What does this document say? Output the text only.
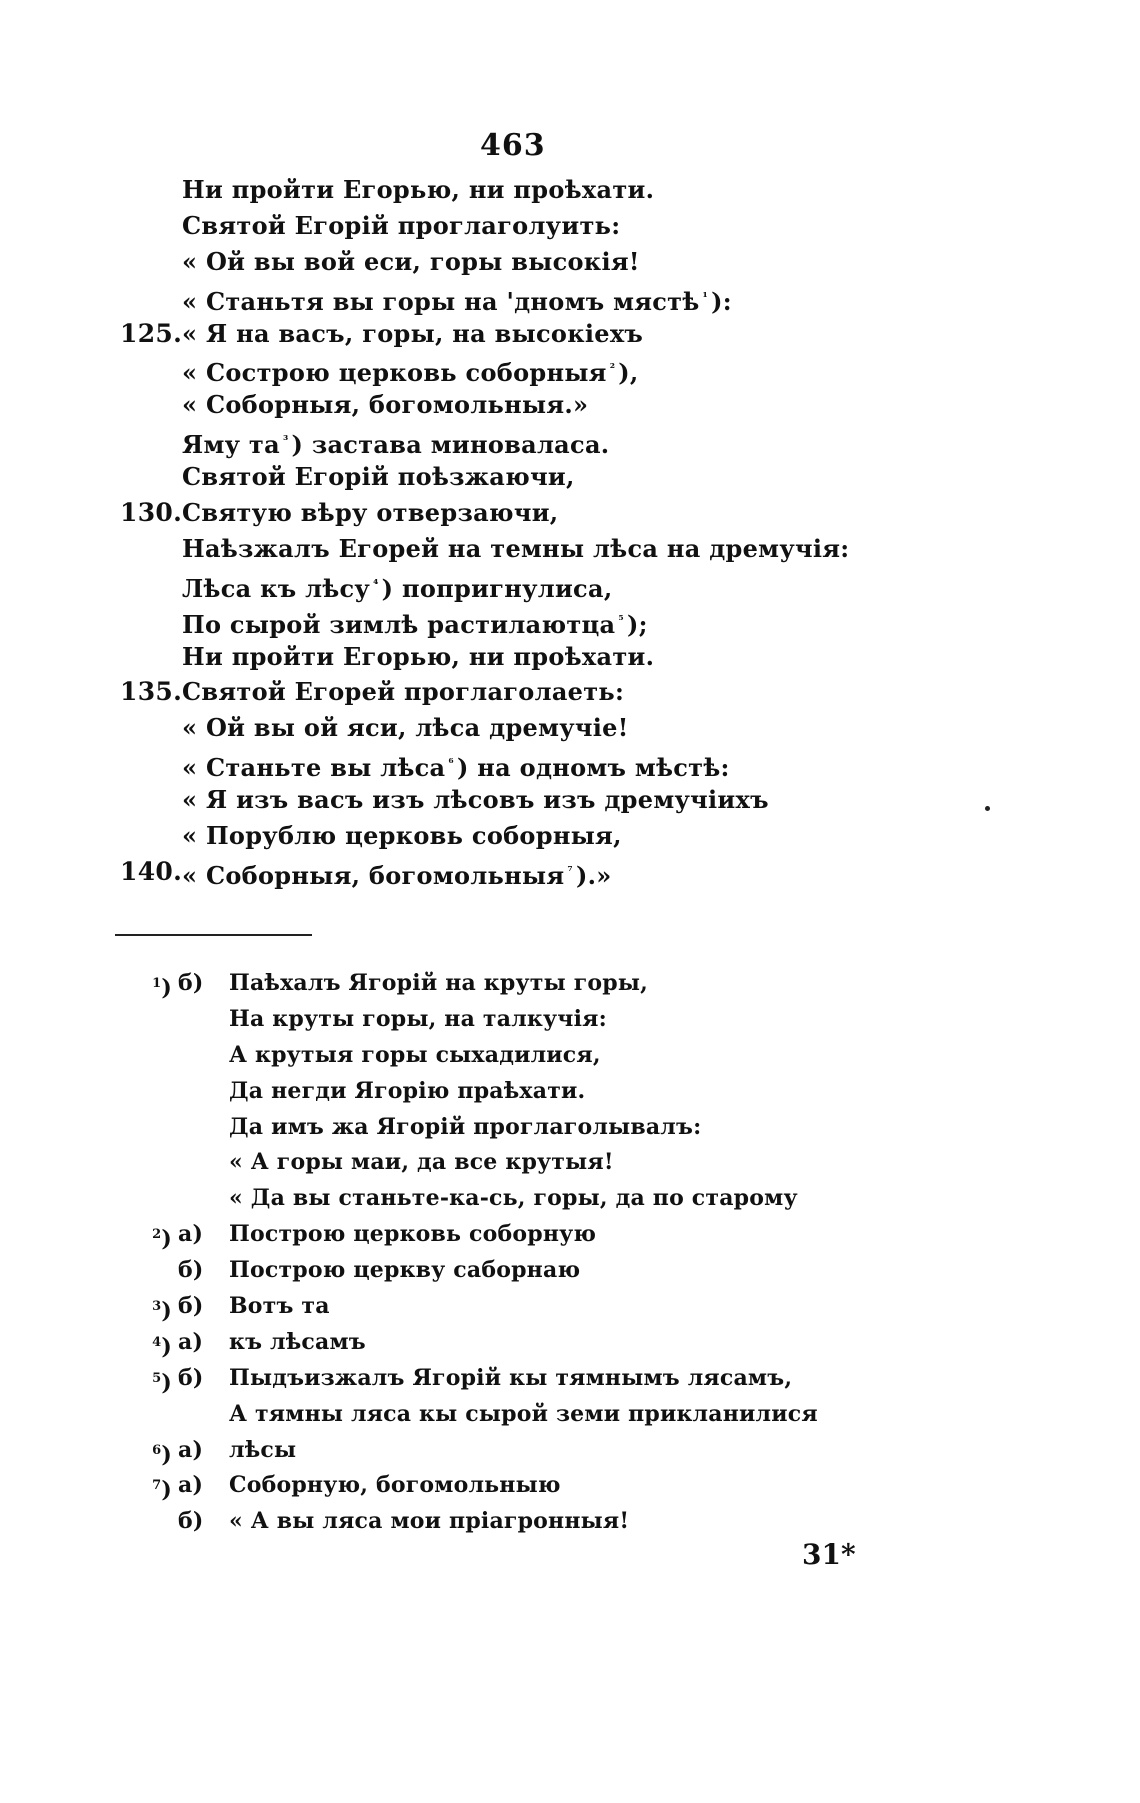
463
Ни пройти Егорью, ни проѣхати.
Святой Егорій проглаголуить:
« Ой вы вой еси, горы высокія!
« Станьтя вы горы на 'дномъ мястѣ $^{^1}$ ):
125. « Я на васъ, горы, на высокіехъ
« Сострою церковь соборныя $^{^2}$ ),
« Соборныя, богомольныя.»
Яму та $^{^3}$ ) застава миноваласа.
Святой Егорій поѣзжаючи,
130. Святую вѣру отверзаючи,
Наѣзжалъ Егорей на темны лѣса на дремучія:
Лѣса къ лѣсу $^{^4}$ ) попригнулиса,
По сырой зимлѣ растилаютца $^{^5}$ );
Ни пройти Егорью, ни проѣхати.
135. Святой Егорей проглаголаеть:
« Ой вы ой яси, лѣса дремучіе!
« Станьте вы лѣса $^{^6}$ ) на одномъ мѣстѣ:
« Я изъ васъ изъ лѣсовъ изъ дремучіихъ
« Порублю церковь соборныя,
140. « Соборныя, богомольныя $^{^7}$ ).»
$^1$) б) Паѣхалъ Ягорій на круты горы,
На круты горы, на талкучія:
А крутыя горы сыхадилися,
Да негди Ягорію праѣхати.
Да имъ жа Ягорій проглаголывалъ:
« А горы маи, да все крутыя!
« Да вы станьте-ка-сь, горы, да по старому
$^2$) а) Построю церковь соборную
б) Построю церкву саборнаю
$^3$) б) Вотъ та
$^4$) а) къ лѣсамъ
$^5$) б) Пыдъизжалъ Ягорій кы тямнымъ лясамъ,
А тямны ляса кы сырой земи прикланилися
$^6$) а) лѣсы
$^7$) а) Соборную, богомольныю
б) « А вы ляса мои пріагронныя!
31*
